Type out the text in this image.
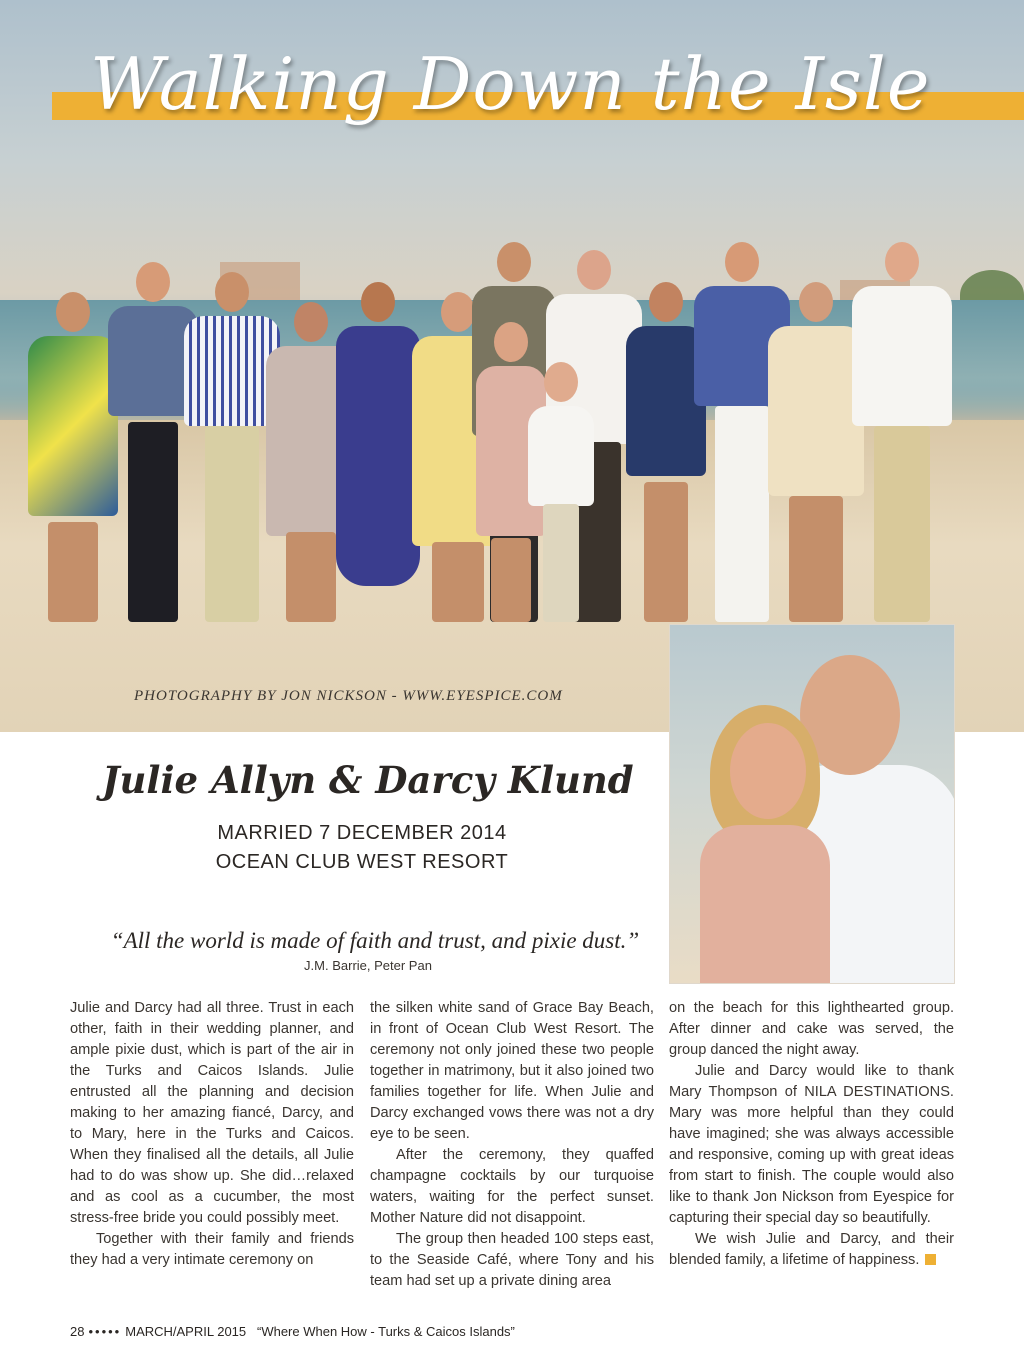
PHOTOGRAPHY BY JON NICKSON - WWW.EYESPICE.COM
Walking Down the Isle
Julie Allyn & Darcy Klund
MARRIED 7 DECEMBER 2014
OCEAN CLUB WEST RESORT
“All the world is made of faith and trust, and pixie dust.”
J.M. Barrie, Peter Pan

Julie and Darcy had all three. Trust in each other, faith in their wedding planner, and ample pixie dust, which is part of the air in the Turks and Caicos Islands. Julie entrusted all the planning and decision making to her amazing fiancé, Darcy, and to Mary, here in the Turks and Caicos. When they finalised all the details, all Julie had to do was show up. She did…relaxed and as cool as a cucumber, the most stress-free bride you could possibly meet.

Together with their family and friends they had a very intimate ceremony on

the silken white sand of Grace Bay Beach, in front of Ocean Club West Resort. The ceremony not only joined these two people together in matrimony, but it also joined two families together for life. When Julie and Darcy exchanged vows there was not a dry eye to be seen.

After the ceremony, they quaffed champagne cocktails by our turquoise waters, waiting for the perfect sunset. Mother Nature did not disappoint.

The group then headed 100 steps east, to the Seaside Café, where Tony and his team had set up a private dining area

on the beach for this lighthearted group. After dinner and cake was served, the group danced the night away.

Julie and Darcy would like to thank Mary Thompson of NILA DESTINATIONS. Mary was more helpful than they could have imagined; she was always accessible and responsive, coming up with great ideas from start to finish. The couple would also like to thank Jon Nickson from Eyespice for capturing their special day so beautifully.

We wish Julie and Darcy, and their blended family, a lifetime of happiness.

28 ••••• MARCH/APRIL 2015 “Where When How - Turks & Caicos Islands”
